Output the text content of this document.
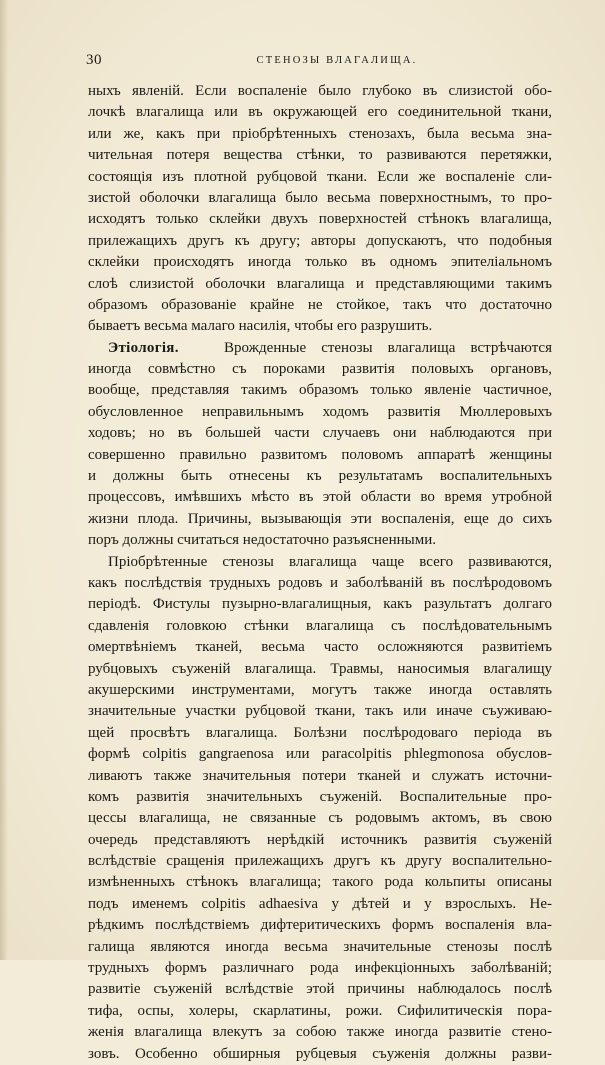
30	СТЕНОЗЫ ВЛАГАЛИЩА.
ныхъ явленій. Если воспаленіе было глубоко въ слизистой обо-
лочкѣ влагалища или въ окружающей его соединительной ткани,
или же, какъ при пріобрѣтенныхъ стенозахъ, была весьма зна-
чительная потеря вещества стѣнки, то развиваются перетяжки,
состоящія изъ плотной рубцовой ткани. Если же воспаленіе сли-
зистой оболочки влагалища было весьма поверхностнымъ, то про-
исходятъ только склейки двухъ поверхностей стѣнокъ влагалища,
прилежащихъ другъ къ другу; авторы допускаютъ, что подобныя
склейки происходятъ иногда только въ одномъ эпителіальномъ
слоѣ слизистой оболочки влагалища и представляющими такимъ
образомъ образованіе крайне не стойкое, такъ что достаточно
бываетъ весьма малаго насилія, чтобы его разрушить.
Этіологія.	Врожденные стенозы влагалища встрѣчаются
иногда совмѣстно съ пороками развитія половыхъ органовъ,
вообще, представляя такимъ образомъ только явленіе частичное,
обусловленное неправильнымъ ходомъ развитія Мюллеровыхъ
ходовъ; но въ большей части случаевъ они наблюдаются при
совершенно правильно развитомъ половомъ аппаратѣ женщины
и должны быть отнесены къ результатамъ воспалительныхъ
процессовъ, имѣвшихъ мѣсто въ этой области во время утробной
жизни плода. Причины, вызывающія эти воспаленія, еще до сихъ
поръ должны считаться недостаточно разъясненными.
Пріобрѣтенные стенозы влагалища чаще всего развиваются,
какъ послѣдствія трудныхъ родовъ и заболѣваній въ послѣродовомъ
періодѣ. Фистулы пузырно-влагалищныя, какъ разультатъ долгаго
сдавленія головкою стѣнки влагалища съ послѣдовательнымъ
омертвѣніемъ тканей, весьма часто осложняются развитіемъ
рубцовыхъ съуженій влагалища. Травмы, наносимыя влагалищу
акушерскими инструментами, могутъ также иногда оставлять
значительные участки рубцовой ткани, такъ или иначе съуживаю-
щей просвѣтъ влагалища. Болѣзни послѣродоваго періода въ
формѣ colpitis gangraenosa или paracolpitis phlegmonosa обуслов-
ливаютъ также значительныя потери тканей и служатъ источни-
комъ развитія значительныхъ съуженій. Воспалительные про-
цессы влагалища, не связанные съ родовымъ актомъ, въ свою
очередь представляютъ нерѣдкій источникъ развитія съуженій
вслѣдствіе сращенія прилежащихъ другъ къ другу воспалительно-
измѣненныхъ стѣнокъ влагалища; такого рода кольпиты описаны
подъ именемъ colpitis adhaesiva у дѣтей и у взрослыхъ. Не-
рѣдкимъ послѣдствіемъ дифтеритическихъ формъ воспаленія вла-
галища являются иногда весьма значительные стенозы послѣ
трудныхъ формъ различнаго рода инфекціонныхъ заболѣваній;
развитіе съуженій вслѣдствіе этой причины наблюдалось послѣ
тифа, оспы, холеры, скарлатины, рожи. Сифилитическія пора-
женія влагалища влекутъ за собою также иногда развитіе стено-
зовъ. Особенно обширныя рубцевыя съуженія должны разви-
